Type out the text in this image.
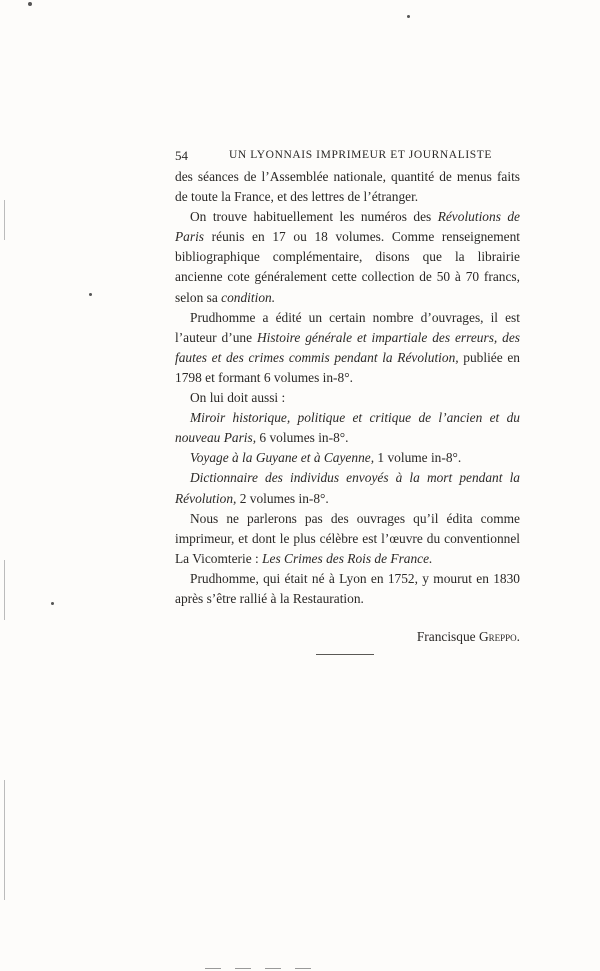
54	UN LYONNAIS IMPRIMEUR ET JOURNALISTE

des séances de l’Assemblée nationale, quantité de menus faits de toute la France, et des lettres de l’étranger.

On trouve habituellement les numéros des Révolutions de Paris réunis en 17 ou 18 volumes. Comme renseignement bibliographique complémentaire, disons que la librairie ancienne cote généralement cette collection de 50 à 70 francs, selon sa condition.

Prudhomme a édité un certain nombre d’ouvrages, il est l’auteur d’une Histoire générale et impartiale des erreurs, des fautes et des crimes commis pendant la Révolution, publiée en 1798 et formant 6 volumes in-8°.

On lui doit aussi :

Miroir historique, politique et critique de l’ancien et du nouveau Paris, 6 volumes in-8°.

Voyage à la Guyane et à Cayenne, 1 volume in-8°.

Dictionnaire des individus envoyés à la mort pendant la Révolution, 2 volumes in-8°.

Nous ne parlerons pas des ouvrages qu’il édita comme imprimeur, et dont le plus célèbre est l’œuvre du conventionnel La Vicomterie : Les Crimes des Rois de France.

Prudhomme, qui était né à Lyon en 1752, y mourut en 1830 après s’être rallié à la Restauration.

Francisque Greppo.
